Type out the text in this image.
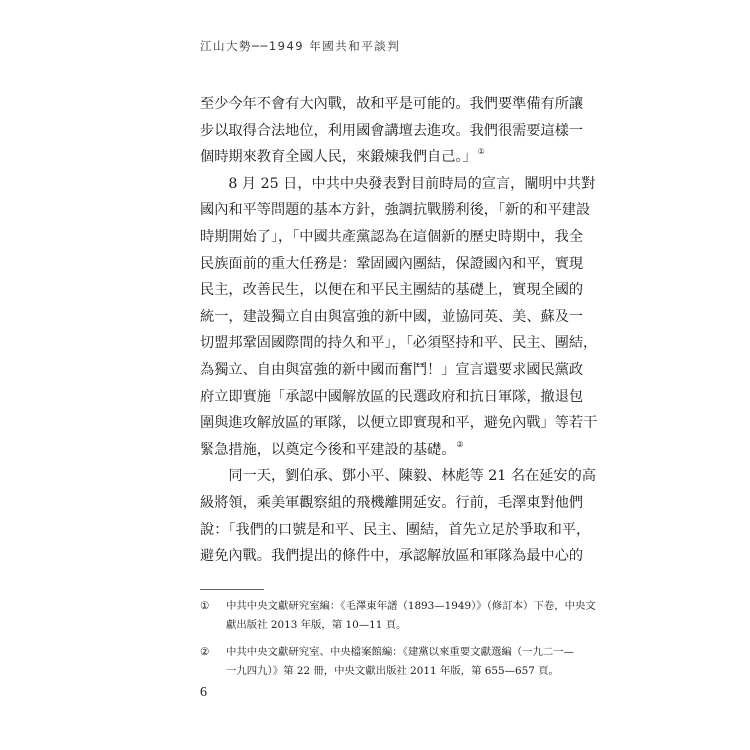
江山大勢──1949 年國共和平談判
至少今年不會有大內戰，故和平是可能的。我們要準備有所讓
步以取得合法地位，利用國會講壇去進攻。我們很需要這樣一
個時期來教育全國人民，來鍛煉我們自己。」①
　　8 月 25 日，中共中央發表對目前時局的宣言，闡明中共對
國內和平等問題的基本方針，強調抗戰勝利後，「新的和平建設
時期開始了」，「中國共產黨認為在這個新的歷史時期中，我全
民族面前的重大任務是：鞏固國內團結，保證國內和平，實現
民主，改善民生，以便在和平民主團結的基礎上，實現全國的
統一，建設獨立自由與富強的新中國，並協同英、美、蘇及一
切盟邦鞏固國際間的持久和平」，「必須堅持和平、民主、團結，
為獨立、自由與富強的新中國而奮鬥！」宣言還要求國民黨政
府立即實施「承認中國解放區的民選政府和抗日軍隊，撤退包
圍與進攻解放區的軍隊，以便立即實現和平，避免內戰」等若干
緊急措施，以奠定今後和平建設的基礎。②
　　同一天，劉伯承、鄧小平、陳毅、林彪等 21 名在延安的高
級將領，乘美軍觀察組的飛機離開延安。行前，毛澤東對他們
說：「我們的口號是和平、民主、團結，首先立足於爭取和平，
避免內戰。我們提出的條件中，承認解放區和軍隊為最中心的
① 中共中央文獻研究室編：《毛澤東年譜（1893—1949）》（修訂本）下卷，中央文
獻出版社 2013 年版，第 10—11 頁。
② 中共中央文獻研究室、中央檔案館編：《建黨以來重要文獻選編（一九二一—
一九四九）》第 22 冊，中央文獻出版社 2011 年版，第 655—657 頁。
6
